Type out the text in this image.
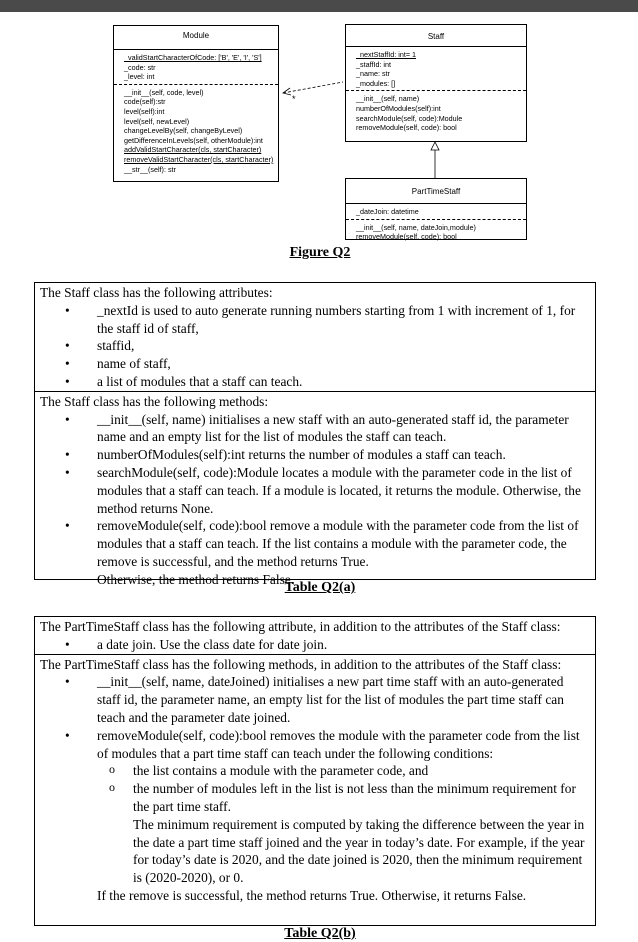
Module
_validStartCharacterOfCode: ['B', 'E', 'I', 'S']
_code: str
_level: int
__init__(self, code, level)
code(self):str
level(self):int
level(self, newLevel)
changeLevelBy(self, changeByLevel)
getDifferenceInLevels(self, otherModule):int
addValidStartCharacter(cls, startCharacter)
removeValidStartCharacter(cls, startCharacter)
__str__(self): str
Staff
_nextStaffId: int= 1
_staffId: int
_name: str
_modules: []
__init__(self, name)
numberOfModules(self):int
searchModule(self, code):Module
removeModule(self, code): bool
PartTimeStaff
_dateJoin: datetime
__init__(self, name, dateJoin,module)
removeModule(self, code): bool
*
Figure Q2
The Staff class has the following attributes:
• _nextId is used to auto generate running numbers starting from 1 with increment of 1, for the staff id of staff,
• staffid,
• name of staff,
• a list of modules that a staff can teach.
The Staff class has the following methods:
• __init__(self, name) initialises a new staff with an auto-generated staff id, the parameter name and an empty list for the list of modules the staff can teach.
• numberOfModules(self):int returns the number of modules a staff can teach.
• searchModule(self, code):Module locates a module with the parameter code in the list of modules that a staff can teach. If a module is located, it returns the module. Otherwise, the method returns None.
• removeModule(self, code):bool remove a module with the parameter code from the list of modules that a staff can teach. If the list contains a module with the parameter code, the remove is successful, and the method returns True.
Otherwise, the method returns False.
Table Q2(a)
The PartTimeStaff class has the following attribute, in addition to the attributes of the Staff class:
• a date join. Use the class date for date join.
The PartTimeStaff class has the following methods, in addition to the attributes of the Staff class:
• __init__(self, name, dateJoined) initialises a new part time staff with an auto-generated staff id, the parameter name, an empty list for the list of modules the part time staff can teach and the parameter date joined.
• removeModule(self, code):bool removes the module with the parameter code from the list of modules that a part time staff can teach under the following conditions:
o the list contains a module with the parameter code, and
o the number of modules left in the list is not less than the minimum requirement for the part time staff.
The minimum requirement is computed by taking the difference between the year in the date a part time staff joined and the year in today’s date. For example, if the year for today’s date is 2020, and the date joined is 2020, then the minimum requirement is (2020-2020), or 0.
If the remove is successful, the method returns True. Otherwise, it returns False.
Table Q2(b)
